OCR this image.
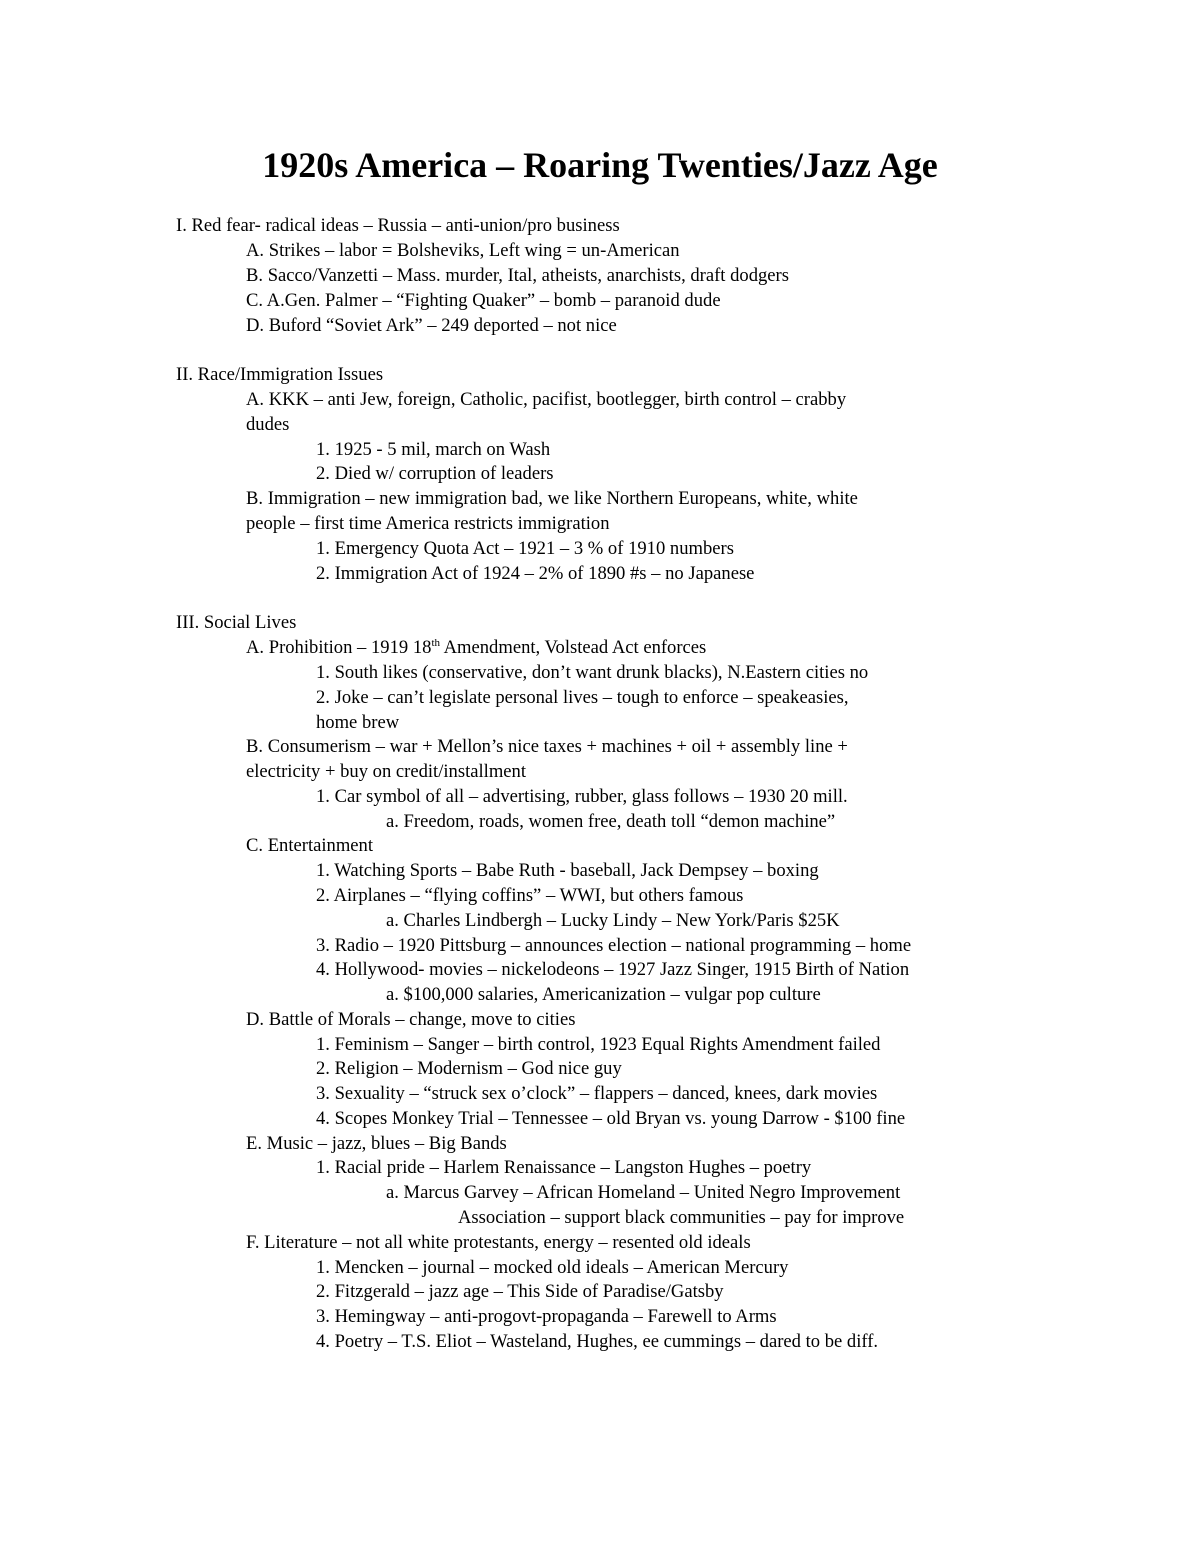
1920s America – Roaring Twenties/Jazz Age
I. Red fear- radical ideas – Russia – anti-union/pro business
A. Strikes – labor = Bolsheviks, Left wing = un-American
B. Sacco/Vanzetti – Mass. murder, Ital, atheists, anarchists, draft dodgers
C. A.Gen. Palmer – “Fighting Quaker” – bomb – paranoid dude
D. Buford “Soviet Ark” – 249 deported – not nice
II. Race/Immigration Issues
A. KKK – anti Jew, foreign, Catholic, pacifist, bootlegger, birth control – crabby
dudes
1. 1925 - 5 mil, march on Wash
2. Died w/ corruption of leaders
B. Immigration – new immigration bad, we like Northern Europeans, white, white
people – first time America restricts immigration
1. Emergency Quota Act – 1921 – 3 % of 1910 numbers
2. Immigration Act of 1924 – 2% of 1890 #s – no Japanese
III. Social Lives
A. Prohibition – 1919 18th Amendment, Volstead Act enforces
1. South likes (conservative, don’t want drunk blacks), N.Eastern cities no
2. Joke – can’t legislate personal lives – tough to enforce – speakeasies,
home brew
B. Consumerism – war + Mellon’s nice taxes + machines + oil + assembly line +
electricity + buy on credit/installment
1. Car symbol of all – advertising, rubber, glass follows – 1930 20 mill.
a. Freedom, roads, women free, death toll “demon machine”
C. Entertainment
1. Watching Sports – Babe Ruth - baseball, Jack Dempsey – boxing
2. Airplanes – “flying coffins” – WWI, but others famous
a. Charles Lindbergh – Lucky Lindy – New York/Paris $25K
3. Radio – 1920 Pittsburg – announces election – national programming – home
4. Hollywood- movies – nickelodeons – 1927 Jazz Singer, 1915 Birth of Nation
a. $100,000 salaries, Americanization – vulgar pop culture
D. Battle of Morals – change, move to cities
1. Feminism – Sanger – birth control, 1923 Equal Rights Amendment failed
2. Religion – Modernism – God nice guy
3. Sexuality – “struck sex o’clock” – flappers – danced, knees, dark movies
4. Scopes Monkey Trial – Tennessee – old Bryan vs. young Darrow - $100 fine
E. Music – jazz, blues – Big Bands
1. Racial pride – Harlem Renaissance – Langston Hughes – poetry
a. Marcus Garvey – African Homeland – United Negro Improvement
Association – support black communities – pay for improve
F. Literature – not all white protestants, energy – resented old ideals
1. Mencken – journal – mocked old ideals – American Mercury
2. Fitzgerald – jazz age – This Side of Paradise/Gatsby
3. Hemingway – anti-progovt-propaganda – Farewell to Arms
4. Poetry – T.S. Eliot – Wasteland, Hughes, ee cummings – dared to be diff.
